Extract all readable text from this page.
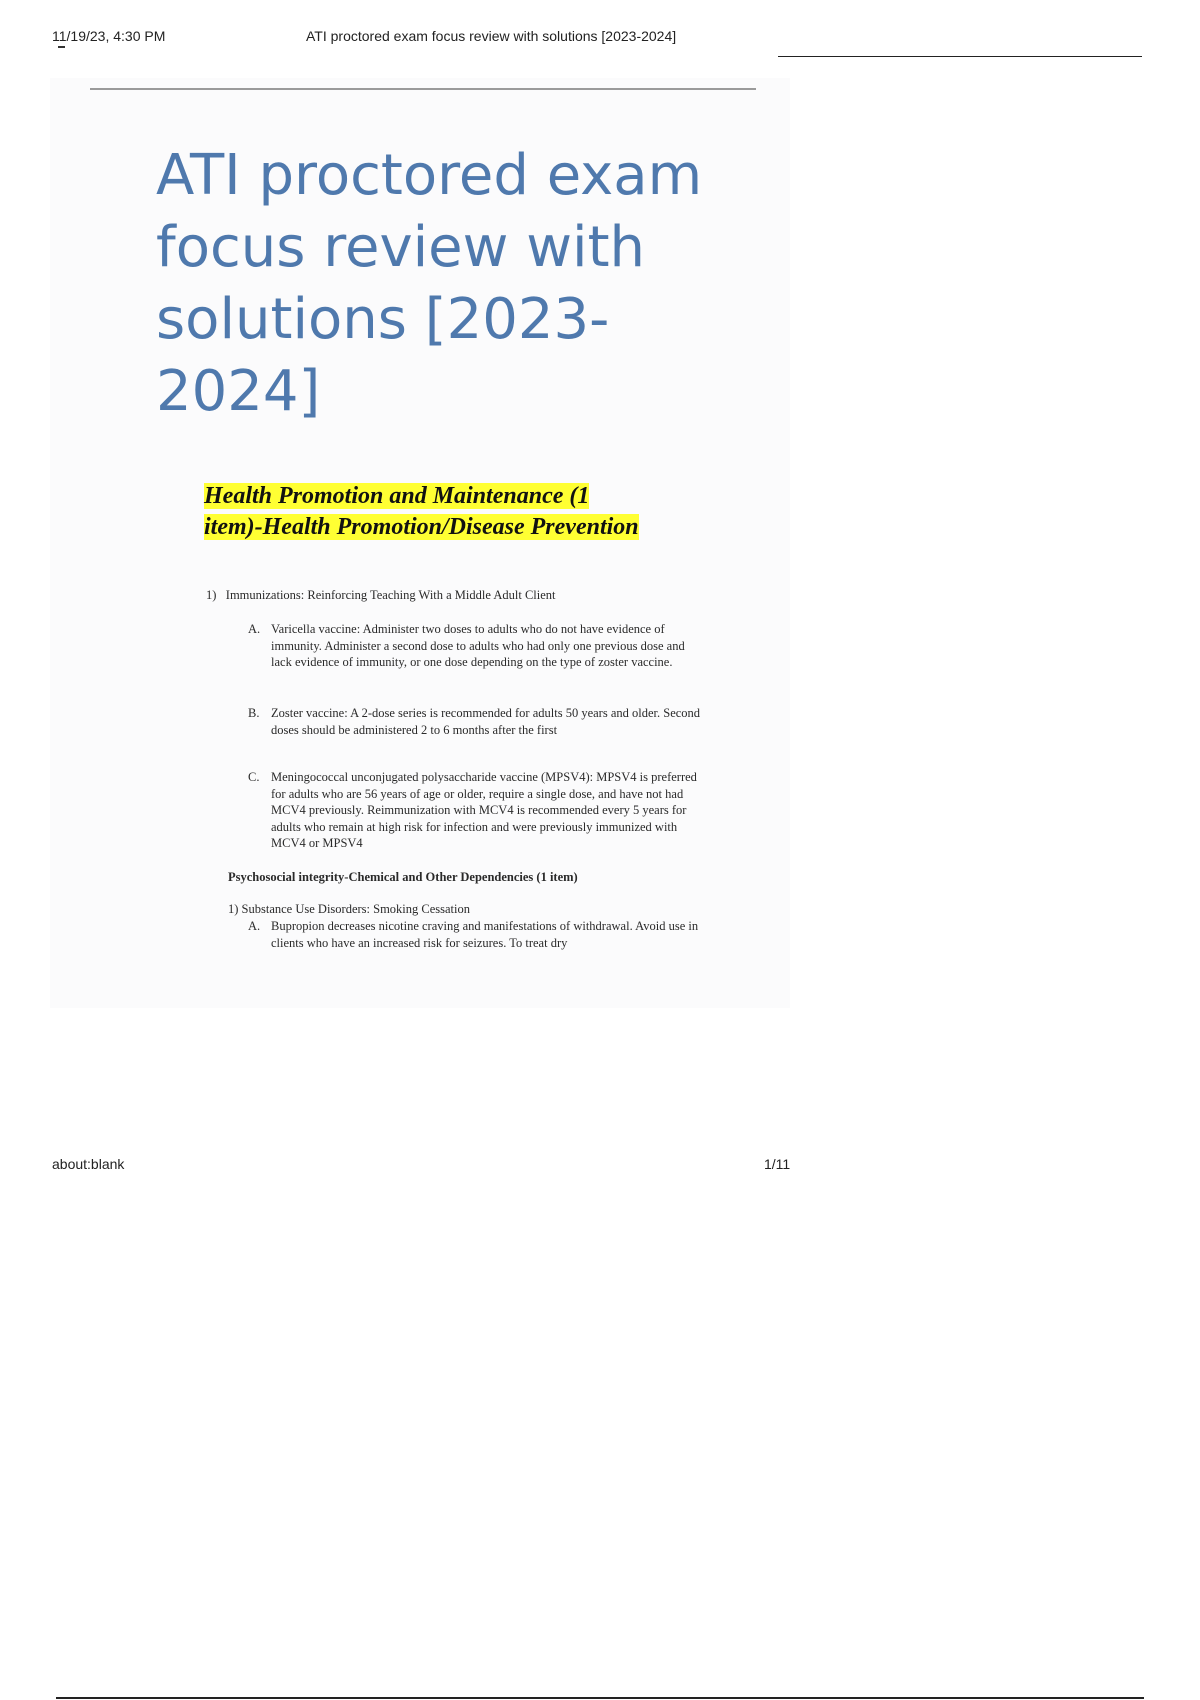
11/19/23, 4:30 PM	ATI proctored exam focus review with solutions [2023-2024]
ATI proctored exam focus review with solutions [2023-2024]
Health Promotion and Maintenance (1 item)-Health Promotion/Disease Prevention
1) Immunizations: Reinforcing Teaching With a Middle Adult Client
A. Varicella vaccine: Administer two doses to adults who do not have evidence of immunity. Administer a second dose to adults who had only one previous dose and lack evidence of immunity, or one dose depending on the type of zoster vaccine.
B. Zoster vaccine: A 2-dose series is recommended for adults 50 years and older. Second doses should be administered 2 to 6 months after the first
C. Meningococcal unconjugated polysaccharide vaccine (MPSV4): MPSV4 is preferred for adults who are 56 years of age or older, require a single dose, and have not had MCV4 previously. Reimmunization with MCV4 is recommended every 5 years for adults who remain at high risk for infection and were previously immunized with MCV4 or MPSV4
Psychosocial integrity-Chemical and Other Dependencies (1 item)
1) Substance Use Disorders: Smoking Cessation
A. Bupropion decreases nicotine craving and manifestations of withdrawal. Avoid use in clients who have an increased risk for seizures. To treat dry
about:blank	1/11
